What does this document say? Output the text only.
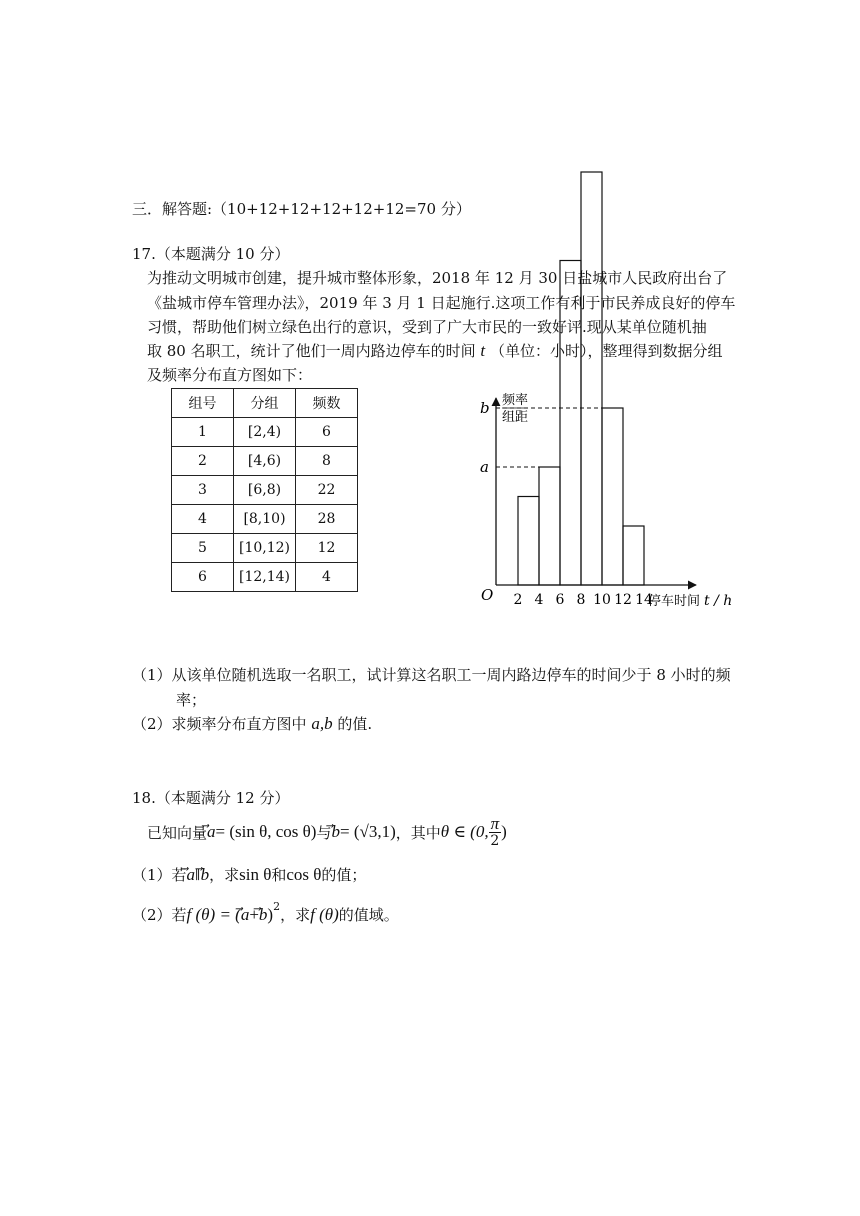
三．解答题:（10+12+12+12+12+12=70 分）
17.（本题满分 10 分）
为推动文明城市创建，提升城市整体形象，2018 年 12 月 30 日盐城市人民政府出台了
《盐城市停车管理办法》，2019 年 3 月 1 日起施行.这项工作有利于市民养成良好的停车
习惯，帮助他们树立绿色出行的意识，受到了广大市民的一致好评.现从某单位随机抽
取 80 名职工，统计了他们一周内路边停车的时间 t （单位：小时），整理得到数据分组
及频率分布直方图如下：
组号	分组	频数
1	[2,4)	6
2	[4,6)	8
3	[6,8)	22
4	[8,10)	28
5	[10,12)	12
6	[12,14)	4
b
a
2 4 6 8 10 12 14
频率
组距
O	停车时间 t / h
（1）从该单位随机选取一名职工，试计算这名职工一周内路边停车的时间少于 8 小时的频
率；
（2）求频率分布直方图中 a,b 的值.
18.（本题满分 12 分）
已知向量 a = (sin θ, cos θ) 与 b = (√3,1) ，其中 θ ∈ (0, $\frac{\pi}{2}$ )
（1）若 a ∥ b ，求 sin θ 和 cos θ 的值；
（2）若 f (θ) = ( a + b )$^2$ ，求 f (θ) 的值域。
